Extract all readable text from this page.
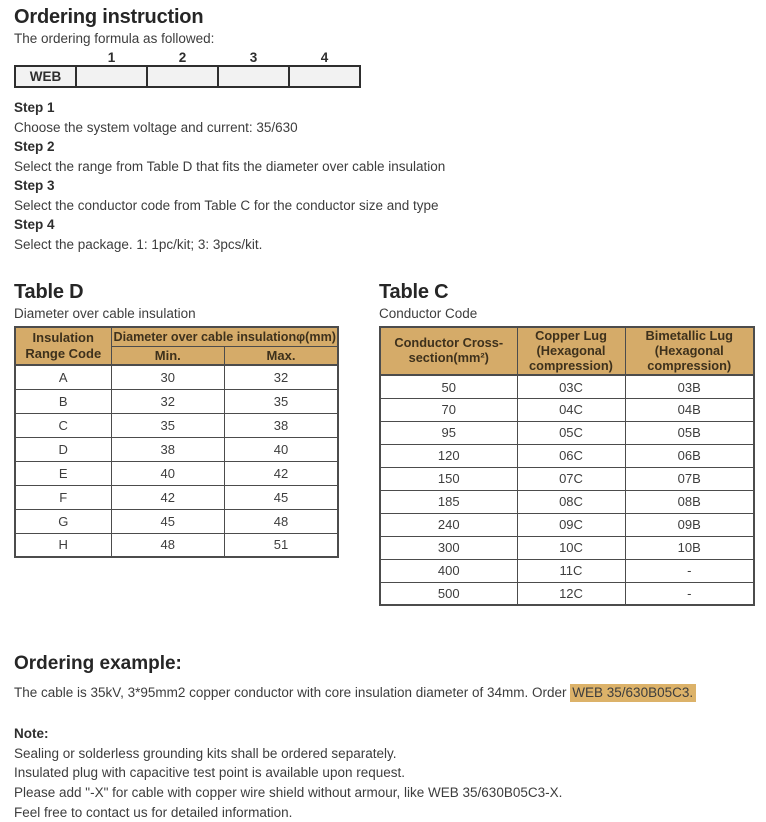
Ordering instruction
The ordering formula as followed:
1	2	3	4
WEB				
Step 1
Choose the system voltage and current: 35/630
Step 2
Select the range from Table D that fits the diameter over cable insulation
Step 3
Select the conductor code from Table C for the conductor size and type
Step 4
Select the package. 1: 1pc/kit; 3: 3pcs/kit.
Table D
Diameter over cable insulation
Insulation Range Code	Diameter over cable insulationφ(mm)	
	Min.	Max.
A	30	32
B	32	35
C	35	38
D	38	40
E	40	42
F	42	45
G	45	48
H	48	51
Table C
Conductor Code
Conductor Cross-section(mm²)	Copper Lug (Hexagonal compression)	Bimetallic Lug (Hexagonal compression)
50	03C	03B
70	04C	04B
95	05C	05B
120	06C	06B
150	07C	07B
185	08C	08B
240	09C	09B
300	10C	10B
400	11C	-
500	12C	-
Ordering example:
The cable is 35kV, 3*95mm2 copper conductor with core insulation diameter of 34mm. Order WEB 35/630B05C3.
Note:
Sealing or solderless grounding kits shall be ordered separately.
Insulated plug with capacitive test point is available upon request.
Please add "-X" for cable with copper wire shield without armour, like WEB 35/630B05C3-X.
Feel free to contact us for detailed information.
